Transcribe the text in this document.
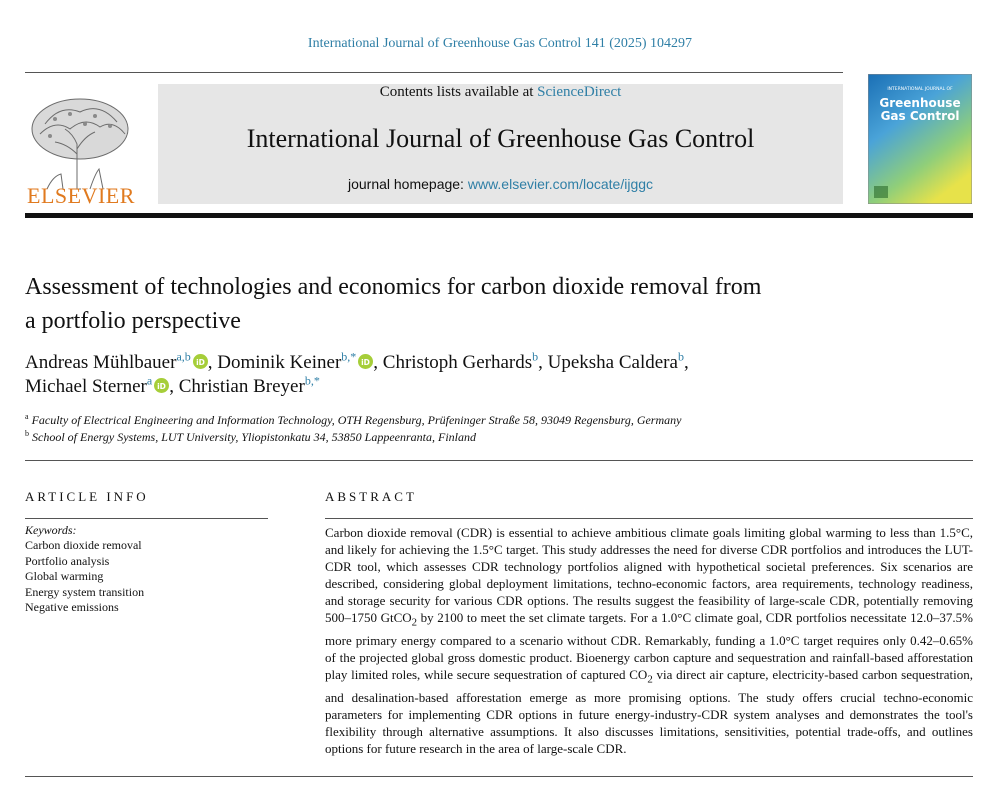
International Journal of Greenhouse Gas Control 141 (2025) 104297
ELSEVIER
Contents lists available at ScienceDirect
International Journal of Greenhouse Gas Control
journal homepage: www.elsevier.com/locate/ijggc
INTERNATIONAL JOURNAL OF
Greenhouse
Gas Control
Assessment of technologies and economics for carbon dioxide removal from
a portfolio perspective
Andreas Mühlbauer$^{a,b}$ iD , Dominik Keiner$^{b,*}$ iD , Christoph Gerhards$^b$, Upeksha Caldera$^b$,
Michael Sterner$^a$ iD , Christian Breyer$^{b,*}$
$^a$ Faculty of Electrical Engineering and Information Technology, OTH Regensburg, Prüfeninger Straße 58, 93049 Regensburg, Germany
$^b$ School of Energy Systems, LUT University, Yliopistonkatu 34, 53850 Lappeenranta, Finland
ARTICLE INFO	ABSTRACT
Keywords:
Carbon dioxide removal
Portfolio analysis
Global warming
Energy system transition
Negative emissions
Carbon dioxide removal (CDR) is essential to achieve ambitious climate goals limiting global warming to less than 1.5°C, and likely for achieving the 1.5°C target. This study addresses the need for diverse CDR portfolios and introduces the LUT-CDR tool, which assesses CDR technology portfolios aligned with hypothetical societal preferences. Six scenarios are described, considering global deployment limitations, techno-economic factors, area requirements, technology readiness, and storage security for various CDR options. The results suggest the feasibility of large-scale CDR, potentially removing 500–1750 GtCO$_2$ by 2100 to meet the set climate targets. For a 1.0°C climate goal, CDR portfolios necessitate 12.0–37.5% more primary energy compared to a scenario without CDR. Remarkably, funding a 1.0°C target requires only 0.42–0.65% of the projected global gross domestic product. Bioenergy carbon capture and sequestration and rainfall-based afforestation play limited roles, while secure sequestration of captured $CO_2$ via direct air capture, electricity-based carbon sequestration, and desalination-based afforestation emerge as more promising options. The study offers crucial techno-economic parameters for implementing CDR options in future energy-industry-CDR system analyses and demonstrates the tool's flexibility through alternative assumptions. It also discusses limitations, sensitivities, potential trade-offs, and outlines options for future research in the area of large-scale CDR.
